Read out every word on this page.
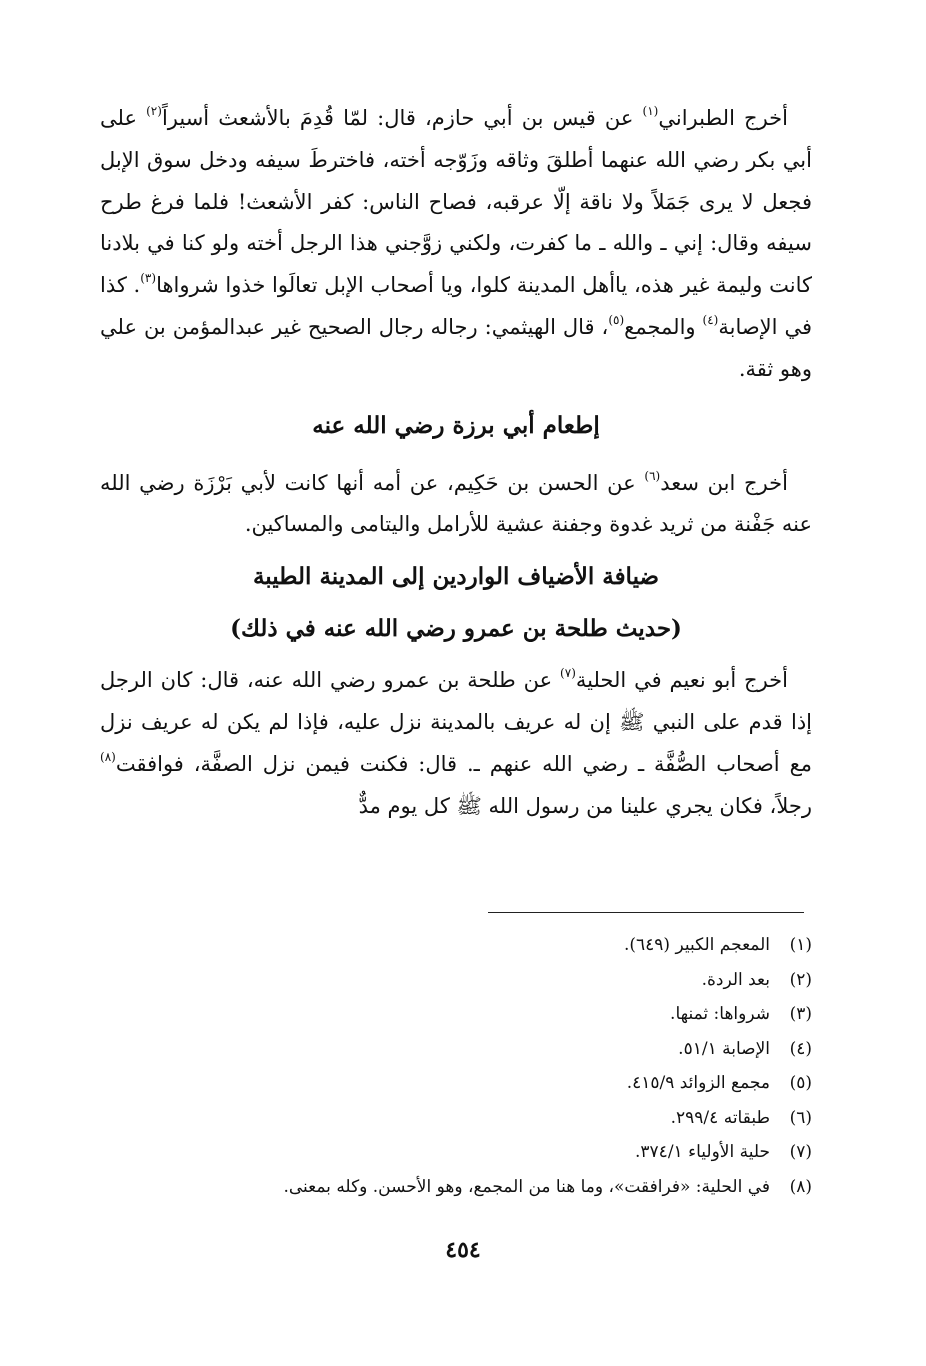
أخرج الطبراني$^{(١)}$ عن قيس بن أبي حازم، قال: لمّا قُدِمَ بالأشعث أسيراً$^{(٢)}$ على أبي بكر رضي الله عنهما أطلقَ وثاقه وزَوّجه أخته، فاخترطَ سيفه ودخل سوق الإبل فجعل لا يرى جَمَلاً ولا ناقة إلّا عرقبه، فصاح الناس: كفر الأشعث! فلما فرغ طرح سيفه وقال: إني ـ والله ـ ما كفرت، ولكني زوَّجني هذا الرجل أخته ولو كنا في بلادنا كانت وليمة غير هذه، ياأهل المدينة كلوا، ويا أصحاب الإبل تعالَوا خذوا شرواها$^{(٣)}$. كذا في الإصابة$^{(٤)}$ والمجمع$^{(٥)}$، قال الهيثمي: رجاله رجال الصحيح غير عبدالمؤمن بن علي وهو ثقة.

إطعام أبي برزة رضي الله عنه

أخرج ابن سعد$^{(٦)}$ عن الحسن بن حَكِيم، عن أمه أنها كانت لأبي بَرْزَة رضي الله عنه جَفْنة من ثريد غدوة وجفنة عشية للأرامل واليتامى والمساكين.

ضيافة الأضياف الواردين إلى المدينة الطيبة
(حديث طلحة بن عمرو رضي الله عنه في ذلك)

أخرج أبو نعيم في الحلية$^{(٧)}$ عن طلحة بن عمرو رضي الله عنه، قال: كان الرجل إذا قدم على النبي ﷺ إن له عريف بالمدينة نزل عليه، فإذا لم يكن له عريف نزل مع أصحاب الصُّفَّة ـ رضي الله عنهم ـ. قال: فكنت فيمن نزل الصفَّة، فوافقت$^{(٨)}$ رجلاً، فكان يجري علينا من رسول الله ﷺ كل يوم مدٌّ

(١)
المعجم الكبير (٦٤٩).
(٢)
بعد الردة.
(٣)
شرواها: ثمنها.
(٤)
الإصابة ٥١/١.
(٥)
مجمع الزوائد ٤١٥/٩.
(٦)
طبقاته ٢٩٩/٤.
(٧)
حلية الأولياء ٣٧٤/١.
(٨)
في الحلية: «فرافقت»، وما هنا من المجمع، وهو الأحسن. وكله بمعنى.
٤٥٤
